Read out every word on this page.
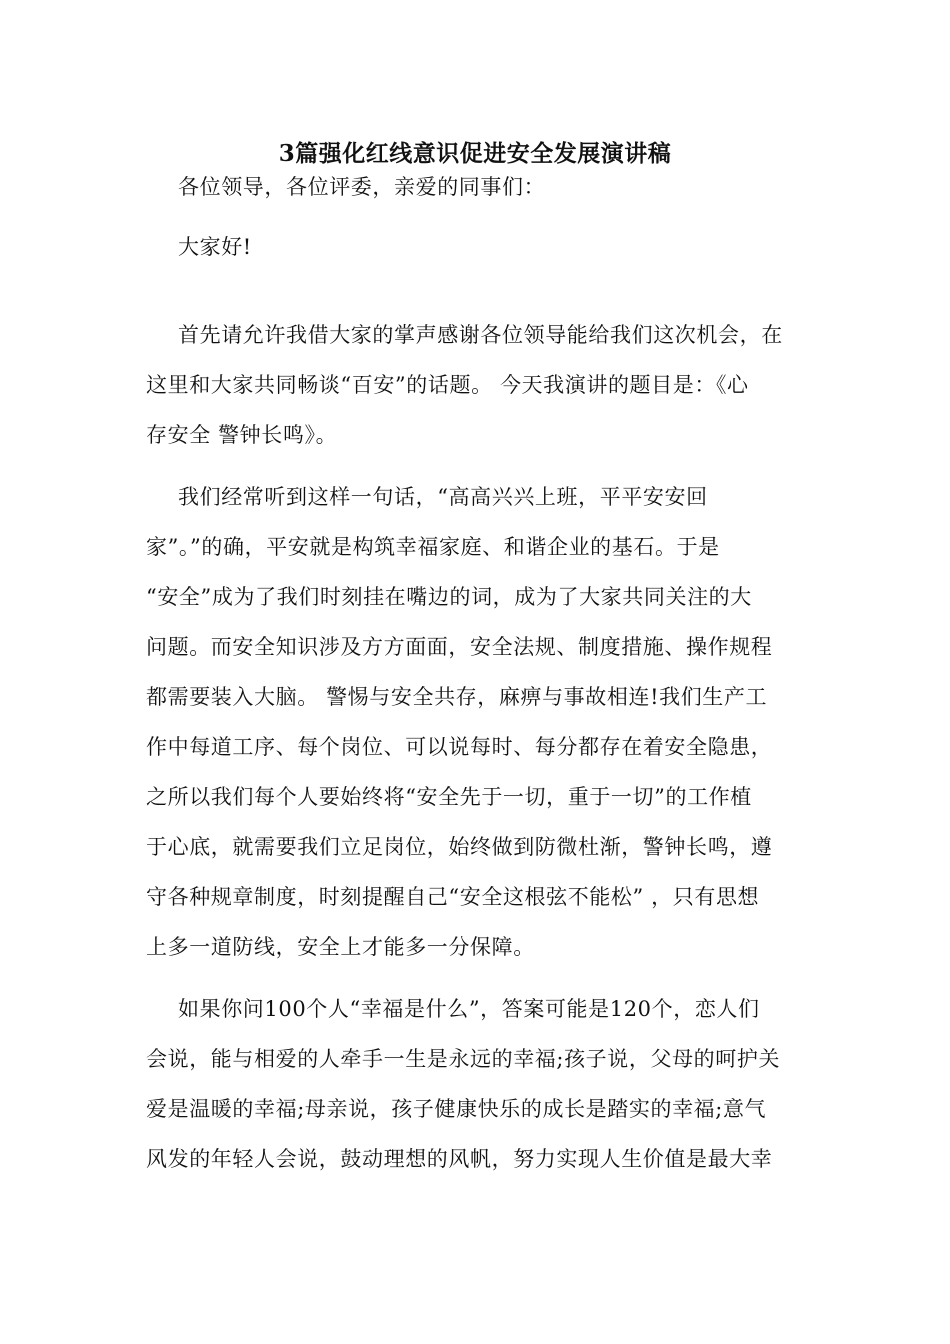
3篇强化红线意识促进安全发展演讲稿
各位领导，各位评委，亲爱的同事们：
大家好!
首先请允许我借大家的掌声感谢各位领导能给我们这次机会，在
这里和大家共同畅谈“百安”的话题。 今天我演讲的题目是：《心
存安全 警钟长鸣》。
我们经常听到这样一句话，“高高兴兴上班，平平安安回
家”。”的确，平安就是构筑幸福家庭、和谐企业的基石。于是
“安全”成为了我们时刻挂在嘴边的词，成为了大家共同关注的大
问题。而安全知识涉及方方面面，安全法规、制度措施、操作规程
都需要装入大脑。 警惕与安全共存，麻痹与事故相连!我们生产工
作中每道工序、每个岗位、可以说每时、每分都存在着安全隐患，
之所以我们每个人要始终将“安全先于一切，重于一切”的工作植
于心底，就需要我们立足岗位，始终做到防微杜渐，警钟长鸣，遵
守各种规章制度，时刻提醒自己“安全这根弦不能松” ，只有思想
上多一道防线，安全上才能多一分保障。
如果你问100个人“幸福是什么”，答案可能是120个，恋人们
会说，能与相爱的人牵手一生是永远的幸福;孩子说，父母的呵护关
爱是温暖的幸福;母亲说，孩子健康快乐的成长是踏实的幸福;意气
风发的年轻人会说，鼓动理想的风帆，努力实现人生价值是最大幸
